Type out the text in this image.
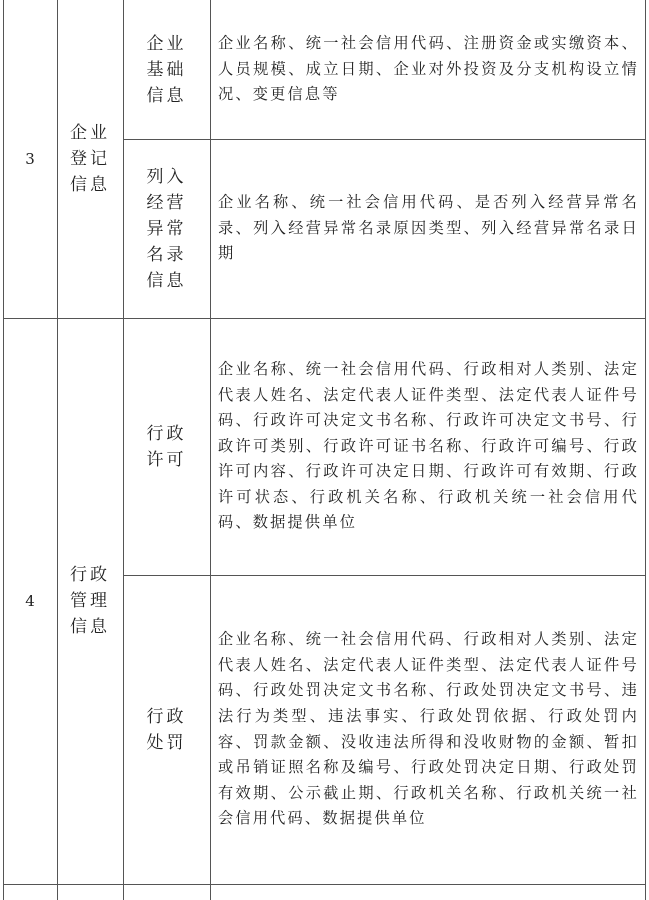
3
企业
登记
信息
企业
基础
信息
企业名称、统一社会信用代码、注册资金或实缴资本、人员规模、成立日期、企业对外投资及分支机构设立情况、变更信息等
列入
经营
异常
名录
信息
企业名称、统一社会信用代码、是否列入经营异常名录、列入经营异常名录原因类型、列入经营异常名录日期
4
行政
管理
信息
行政
许可
企业名称、统一社会信用代码、行政相对人类别、法定代表人姓名、法定代表人证件类型、法定代表人证件号码、行政许可决定文书名称、行政许可决定文书号、行政许可类别、行政许可证书名称、行政许可编号、行政许可内容、行政许可决定日期、行政许可有效期、行政许可状态、行政机关名称、行政机关统一社会信用代码、数据提供单位
行政
处罚
企业名称、统一社会信用代码、行政相对人类别、法定代表人姓名、法定代表人证件类型、法定代表人证件号码、行政处罚决定文书名称、行政处罚决定文书号、违法行为类型、违法事实、行政处罚依据、行政处罚内容、罚款金额、没收违法所得和没收财物的金额、暂扣或吊销证照名称及编号、行政处罚决定日期、行政处罚有效期、公示截止期、行政机关名称、行政机关统一社会信用代码、数据提供单位
